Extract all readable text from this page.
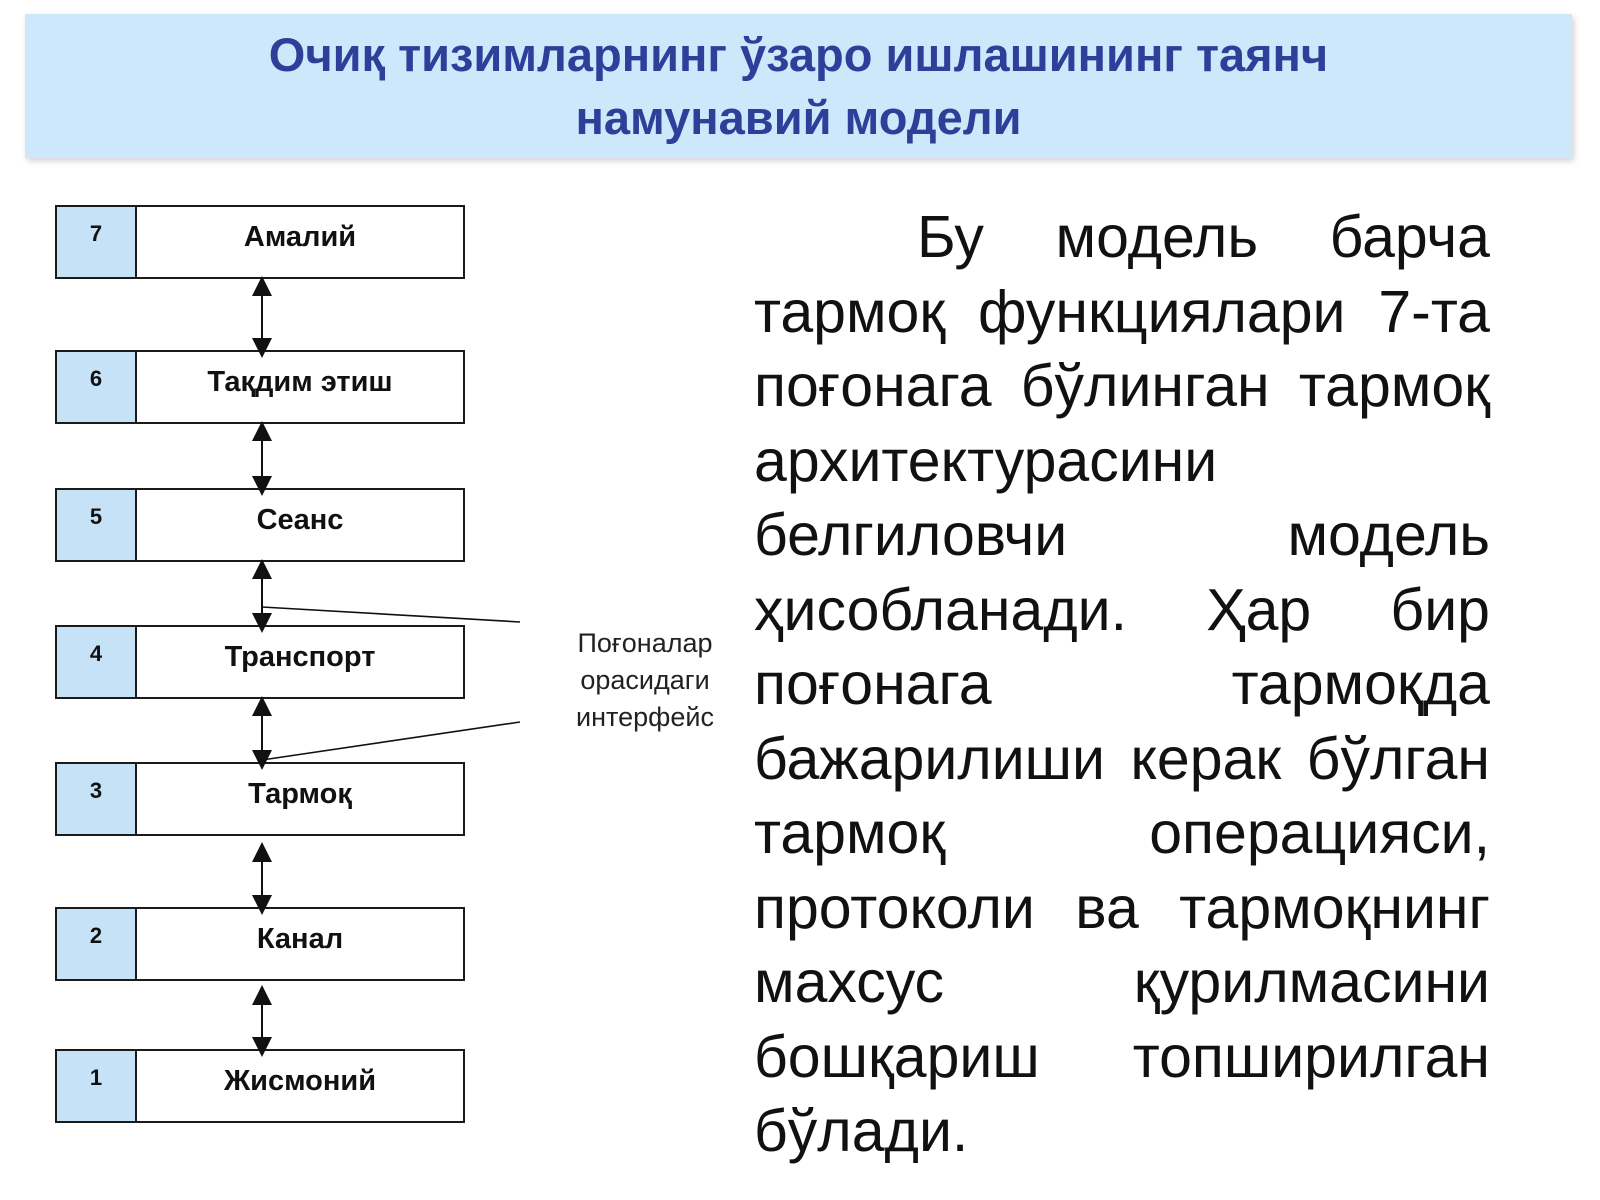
Очиқ тизимларнинг ўзаро ишлашининг таянч
намунавий модели
7	Амалий
6	Тақдим этиш
5	Сеанс
4	Транспорт
3	Тармоқ
2	Канал
1	Жисмоний
Поғоналар
орасидаги
интерфейс
Бу модель барча тармоқ функциялари 7-та поғонага бўлинган тармоқ архитектурасини белгиловчи модель ҳисобланади. Ҳар бир поғонага тармоқда бажарилиши керак бўлган тармоқ операцияси, протоколи ва тармоқнинг махсус қурилмасини бошқариш топширилган бўлади.
